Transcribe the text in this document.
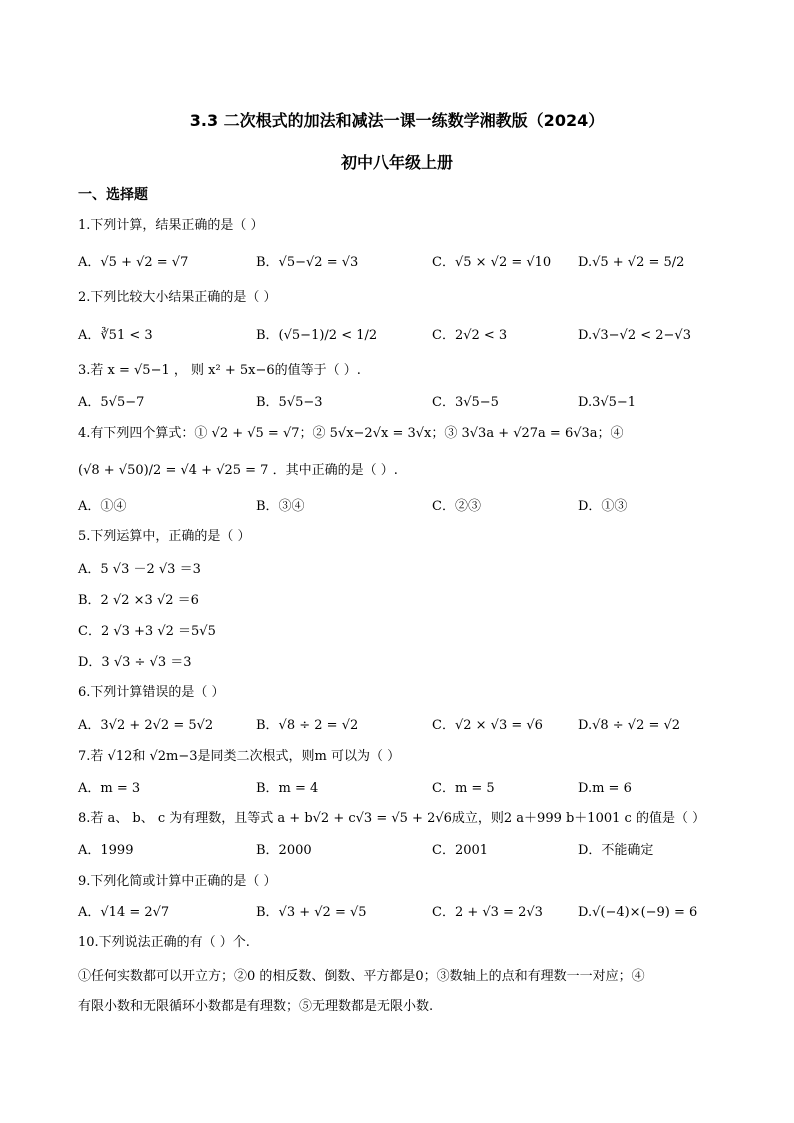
3.3 二次根式的加法和减法一课一练数学湘教版（2024）
初中八年级上册
一、选择题
1.下列计算，结果正确的是（ ）
A．√5 + √2 = √7	B．√5−√2 = √3	C．√5 × √2 = √10 D.√5 + √2 = 5/2
2.下列比较大小结果正确的是（ ）
A．∛51 < 3	B．(√5−1)/2 < 1/2	C．2√2 < 3	D.√3−√2 < 2−√3
3.若 x = √5−1 ， 则 x² + 5x−6的值等于（ ）.
A．5√5−7	B．5√5−3	C．3√5−5	D.3√5−1
4.有下列四个算式：① √2 + √5 = √7；② 5√x−2√x = 3√x；③ 3√3a + √27a = 6√3a；④
(√8 + √50)/2 = √4 + √25 = 7 ．其中正确的是（ ）.
A．①④	B．③④	C．②③	D．①③
5.下列运算中，正确的是（ ）
A．5 √3 －2 √3 ＝3
B．2 √2 ×3 √2 ＝6
C．2 √3 +3 √2 ＝5√5
D．3 √3 ÷ √3 ＝3
6.下列计算错误的是（ ）
A．3√2 + 2√2 = 5√2	B．√8 ÷ 2 = √2	C．√2 × √3 = √6	D.√8 ÷ √2 = √2
7.若 √12和 √2m−3是同类二次根式，则m 可以为（ ）
A．m = 3	B．m = 4	C．m = 5	D.m = 6
8.若 a、 b、 c 为有理数，且等式 a + b√2 + c√3 = √5 + 2√6成立，则2 a＋999 b＋1001 c 的值是（ ）
A．1999	B．2000	C．2001	D．不能确定
9.下列化简或计算中正确的是（ ）
A．√14 = 2√7	B．√3 + √2 = √5	C．2 + √3 = 2√3	D.√(−4)×(−9) = 6
10.下列说法正确的有（ ）个.
①任何实数都可以开立方；②0 的相反数、倒数、平方都是0；③数轴上的点和有理数一一对应；④
有限小数和无限循环小数都是有理数；⑤无理数都是无限小数.
